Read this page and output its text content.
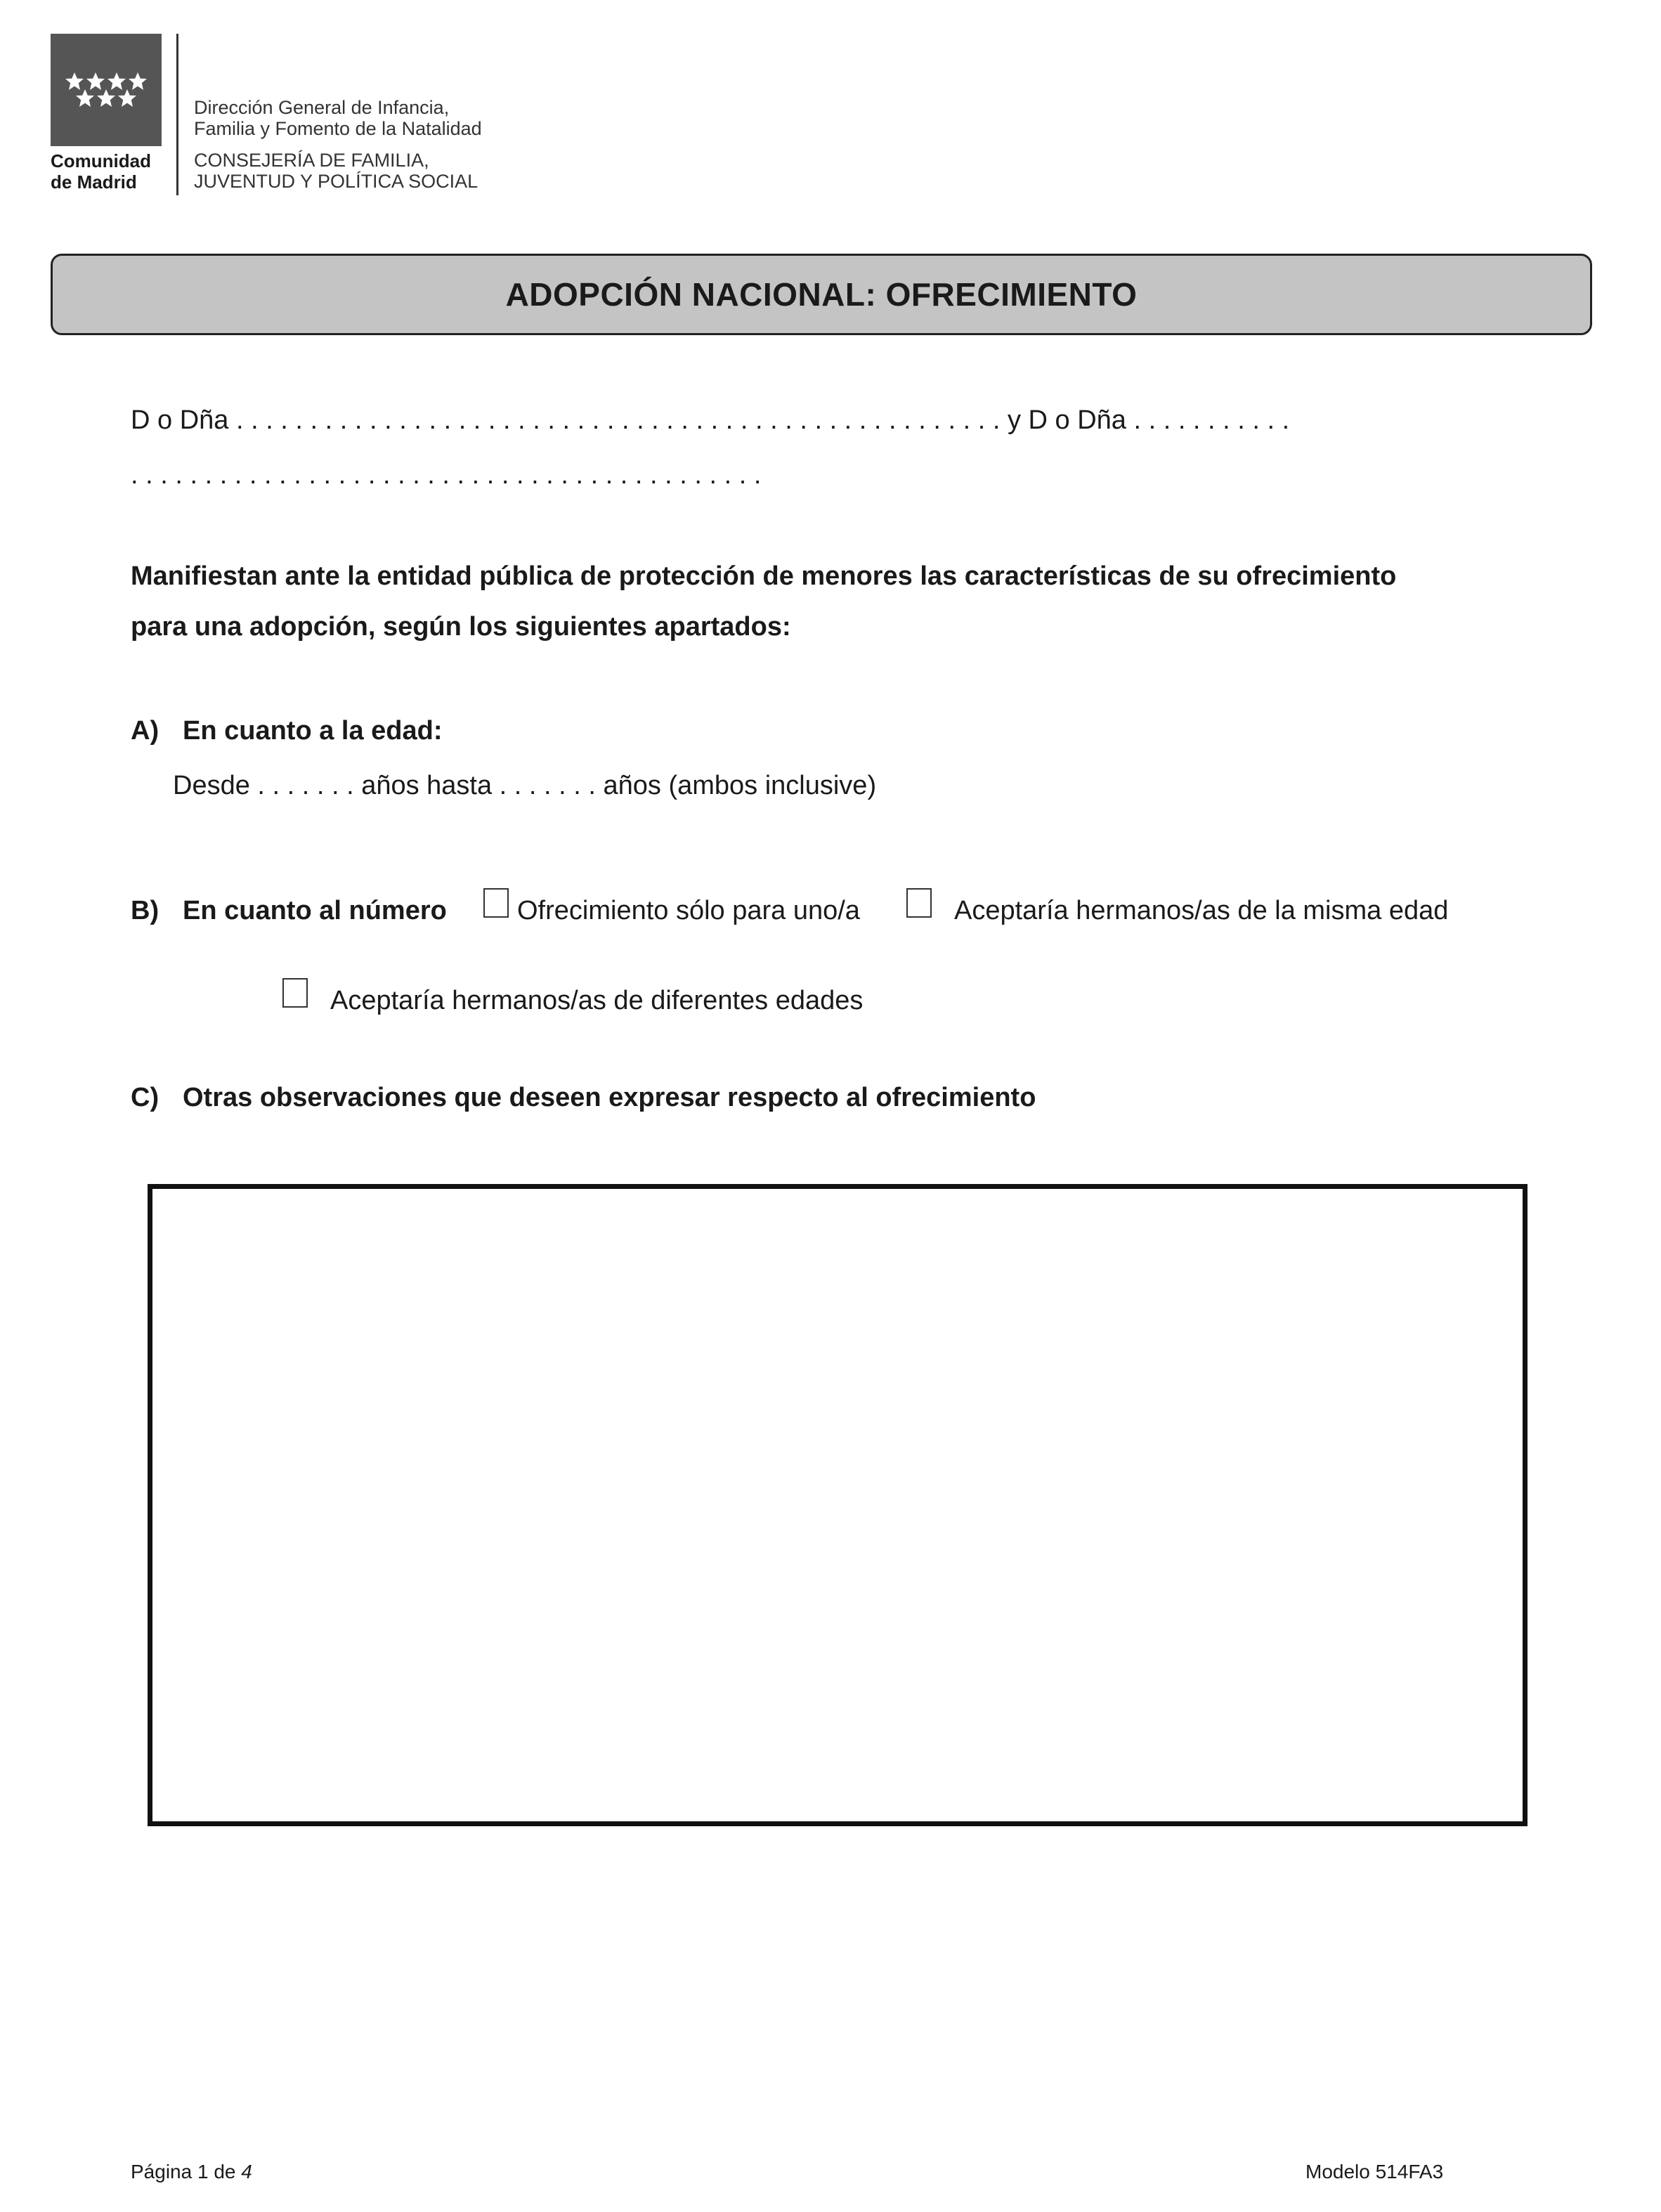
Comunidad
de Madrid
Dirección General de Infancia,
Familia y Fomento de la Natalidad
CONSEJERÍA DE FAMILIA,
JUVENTUD Y POLÍTICA SOCIAL
ADOPCIÓN NACIONAL: OFRECIMIENTO
D o Dña . . . . . . . . . . . . . . . . . . . . . . . . . . . . . . . . . . . . . . . . . . . . . . . . . . . . y D o Dña . . . . . . . . . . .
. . . . . . . . . . . . . . . . . . . . . . . . . . . . . . . . . . . . . . . . . . .
Manifiestan ante la entidad pública de protección de menores las características de su ofrecimiento
para una adopción, según los siguientes apartados:
A) En cuanto a la edad:
Desde . . . . . . . años hasta . . . . . . . años (ambos inclusive)
B) En cuanto al número	Ofrecimiento sólo para uno/a	Aceptaría hermanos/as de la misma edad
Aceptaría hermanos/as de diferentes edades
C) Otras observaciones que deseen expresar respecto al ofrecimiento
Página 1 de 4	Modelo 514FA3
